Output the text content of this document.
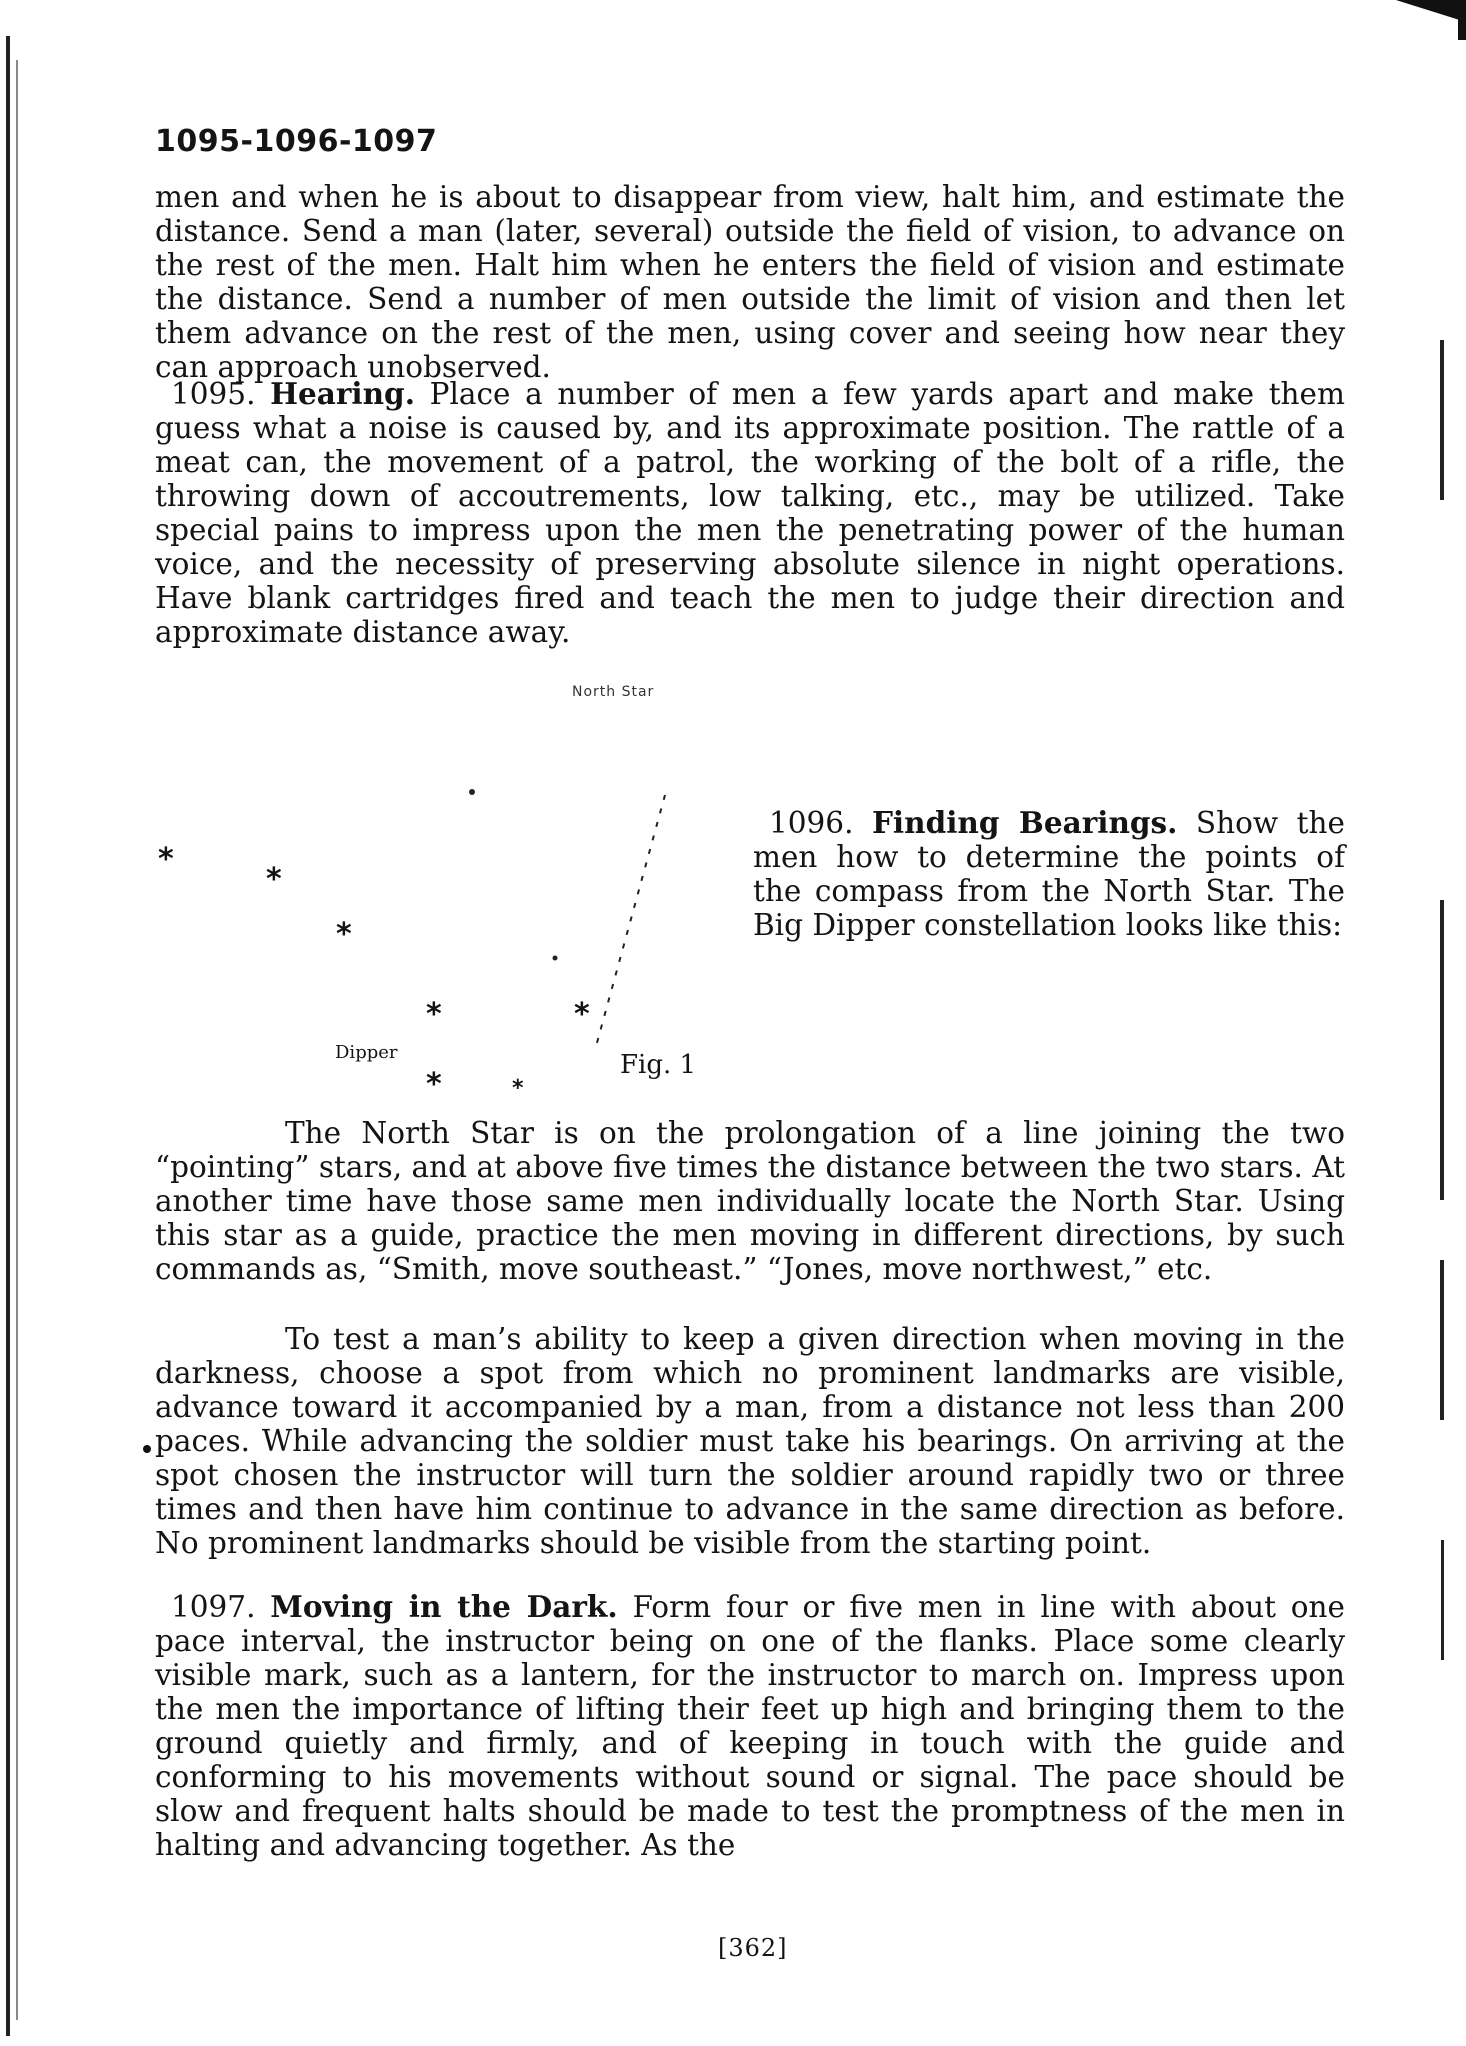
1095-1096-1097

men and when he is about to disappear from view, halt him, and estimate the distance. Send a man (later, several) outside the field of vision, to advance on the rest of the men. Halt him when he enters the field of vision and estimate the distance. Send a number of men outside the limit of vision and then let them advance on the rest of the men, using cover and seeing how near they can approach unobserved.

1095. Hearing. Place a number of men a few yards apart and make them guess what a noise is caused by, and its approximate position. The rattle of a meat can, the movement of a patrol, the working of the bolt of a rifle, the throwing down of accoutrements, low talking, etc., may be utilized. Take special pains to impress upon the men the penetrating power of the human voice, and the necessity of preserving absolute silence in night operations. Have blank cartridges fired and teach the men to judge their direction and approximate distance away.

North Star
*
*
*
*	*
*	*
Dipper	Fig. 1

1096. Finding Bearings. Show the men how to determine the points of the compass from the North Star. The Big Dipper constellation looks like this:

The North Star is on the prolongation of a line joining the two “pointing” stars, and at above five times the distance between the two stars. At another time have those same men individually locate the North Star. Using this star as a guide, practice the men moving in different directions, by such commands as, “Smith, move southeast.” “Jones, move northwest,” etc.

To test a man’s ability to keep a given direction when moving in the darkness, choose a spot from which no prominent landmarks are visible, advance toward it accompanied by a man, from a distance not less than 200 paces. While advancing the soldier must take his bearings. On arriving at the spot chosen the instructor will turn the soldier around rapidly two or three times and then have him continue to advance in the same direction as before. No prominent landmarks should be visible from the starting point.

1097. Moving in the Dark. Form four or five men in line with about one pace interval, the instructor being on one of the flanks. Place some clearly visible mark, such as a lantern, for the instructor to march on. Impress upon the men the importance of lifting their feet up high and bringing them to the ground quietly and firmly, and of keeping in touch with the guide and conforming to his movements without sound or signal. The pace should be slow and frequent halts should be made to test the promptness of the men in halting and advancing together. As the

[362]
